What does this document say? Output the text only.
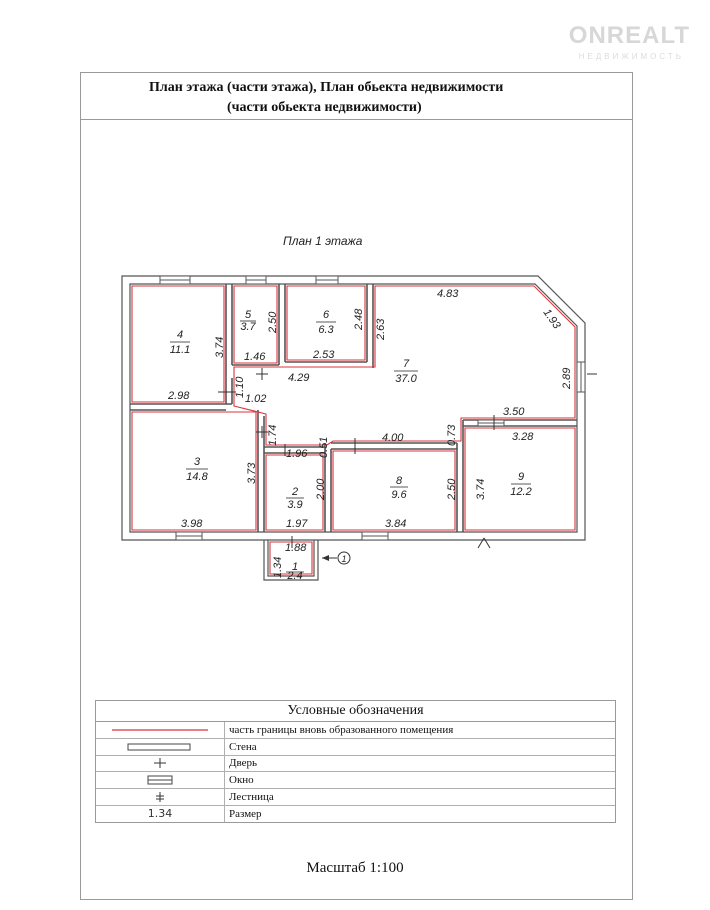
ONREALT
НЕДВИЖИМОСТЬ
План этажа (части этажа), План обьекта недвижимости
(части обьекта недвижимости)
План 1 этажа
1
2.4
2
3.9
3
14.8
4
11.1
5
3.7
6
6.3
7
37.0
8
9.6
9
12.2
4.83
1.93
2.89
3.74
2.50	2.48 2.63
1.46	2.53
4.29
2.98	1.10
1.02
1.74
3.73
1.96 0.51	4.00	0.73
3.50
3.28
3.74
2.00	2.50
3.98	1.97	3.84
1.88
1.34	1
Условные обозначения
часть границы вновь образованного помещения
Стена
Дверь
Окно
Лестница
1.34	Размер
Масштаб 1:100
